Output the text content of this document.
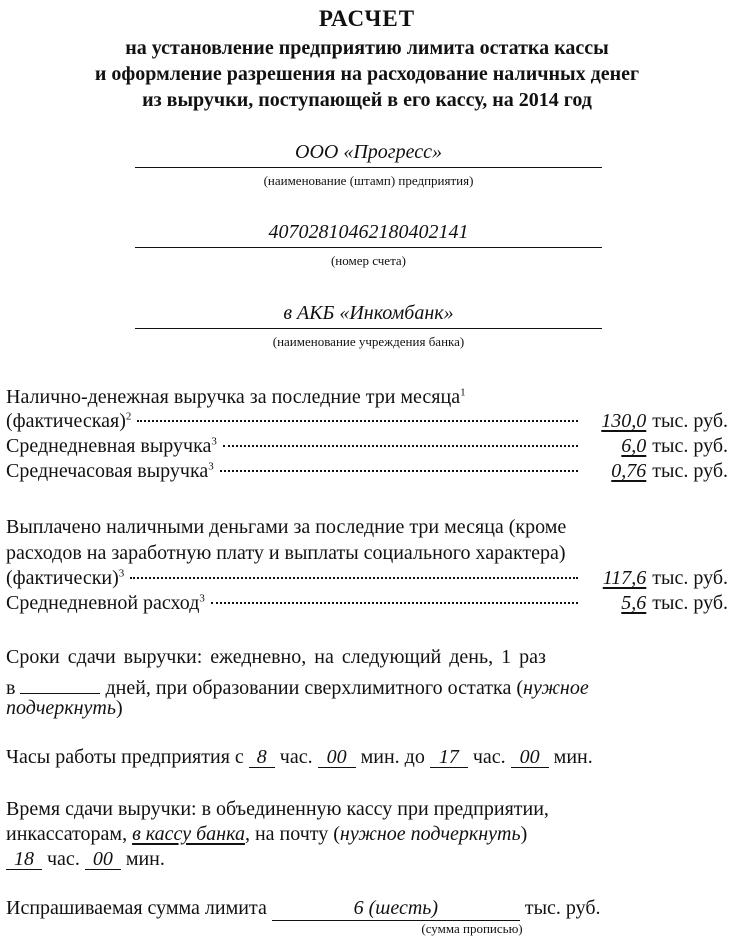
РАСЧЕТ
на установление предприятию лимита остатка кассы
и оформление разрешения на расходование наличных денег
из выручки, поступающей в его кассу, на 2014 год
ООО «Прогресс»
(наименование (штамп) предприятия)
40702810462180402141
(номер счета)
в АКБ «Инкомбанк»
(наименование учреждения банка)
Налично-денежная выручка за последние три месяца$^1$
(фактическая)$^2$	130,0 тыс. руб.
Среднедневная выручка$^3$	6,0 тыс. руб.
Среднечасовая выручка$^3$	0,76 тыс. руб.
Выплачено наличными деньгами за последние три месяца (кроме
расходов на заработную плату и выплаты социального характера)
(фактически)$^3$	117,6 тыс. руб.
Среднедневной расход$^3$	5,6 тыс. руб.
Сроки сдачи выручки: ежедневно, на следующий день, 1 раз
в	дней, при образовании сверхлимитного остатка (нужное
подчеркнуть)
Часы работы предприятия с 8 час. 00 мин. до 17 час. 00 мин.
Время сдачи выручки: в объединенную кассу при предприятии,
инкассаторам, в кассу банка, на почту (нужное подчеркнуть)
18 час. 00 мин.
Испрашиваемая сумма лимита	6 (шесть)	тыс. руб.
(сумма прописью)
